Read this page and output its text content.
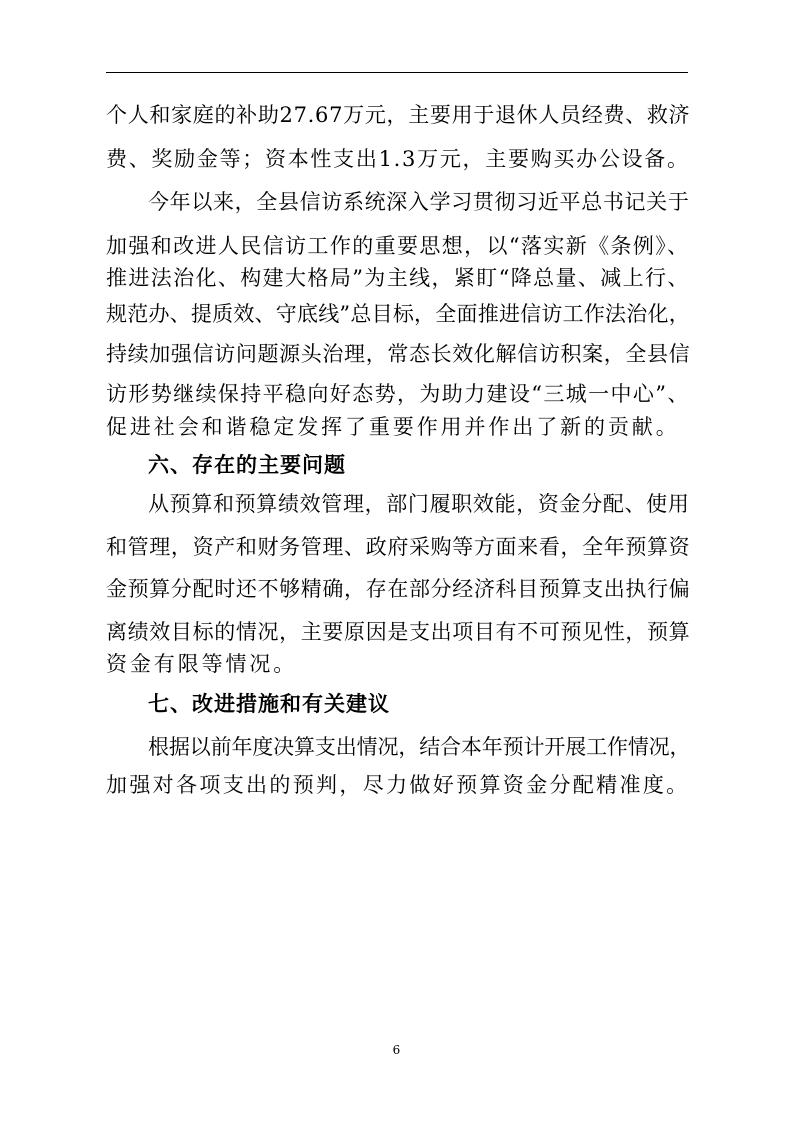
个人和家庭的补助27.67万元，主要用于退休人员经费、救济
费、奖励金等；资本性支出1.3万元，主要购买办公设备。
今年以来，全县信访系统深入学习贯彻习近平总书记关于
加强和改进人民信访工作的重要思想，以“落实新《条例》、
推进法治化、构建大格局”为主线，紧盯“降总量、减上行、
规范办、提质效、守底线”总目标，全面推进信访工作法治化，
持续加强信访问题源头治理，常态长效化解信访积案，全县信
访形势继续保持平稳向好态势，为助力建设“三城一中心”、
促进社会和谐稳定发挥了重要作用并作出了新的贡献。
六、存在的主要问题
从预算和预算绩效管理，部门履职效能，资金分配、使用
和管理，资产和财务管理、政府采购等方面来看，全年预算资
金预算分配时还不够精确，存在部分经济科目预算支出执行偏
离绩效目标的情况，主要原因是支出项目有不可预见性，预算
资金有限等情况。
七、改进措施和有关建议
根据以前年度决算支出情况，结合本年预计开展工作情况，
加强对各项支出的预判，尽力做好预算资金分配精准度。
6
